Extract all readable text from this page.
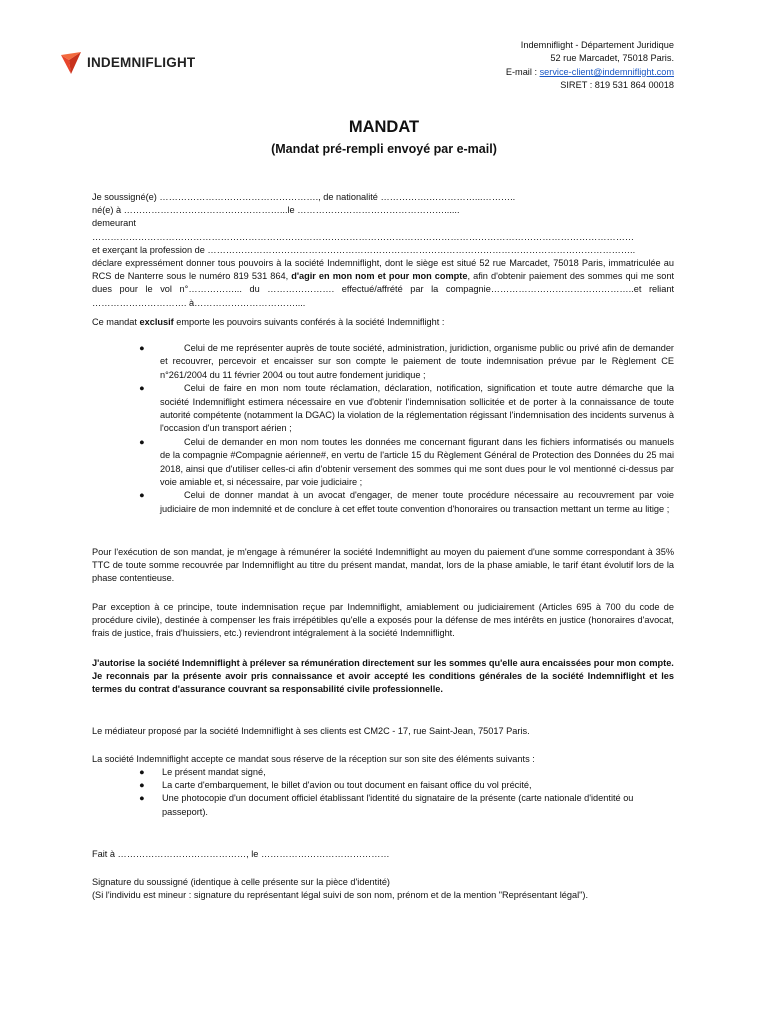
INDEMNIFLIGHT
Indemniflight - Département Juridique
52 rue Marcadet, 75018 Paris.
E-mail : service-client@indemniflight.com
SIRET : 819 531 864 00018
MANDAT
(Mandat pré-rempli envoyé par e-mail)

Je soussigné(e) ……………………………………………., de nationalité …………….……………...………..

né(e) à ……………………………………………...le …………………………………………......

demeurant ……………………………………………………………………………………………………………………………………………………………

et exerçant la profession de …………………………………………………………………………………………………………………………..

déclare expressément donner tous pouvoirs à la société Indemniflight, dont le siège est situé 52 rue Marcadet, 75018 Paris, immatriculée au RCS de Nanterre sous le numéro 819 531 864, d'agir en mon nom et pour mon compte, afin d'obtenir paiement des sommes qui me sont dues pour le vol n°……………... du …………………. effectué/affrété par la compagnie………………………………………..et reliant …………………………. à……………………………....

Ce mandat exclusif emporte les pouvoirs suivants conférés à la société Indemniflight :

●	Celui de me représenter auprès de toute société, administration, juridiction, organisme public ou privé afin de demander et recouvrer, percevoir et encaisser sur son compte le paiement de toute indemnisation prévue par le Règlement CE n°261/2004 du 11 février 2004 ou tout autre fondement juridique ;
●	Celui de faire en mon nom toute réclamation, déclaration, notification, signification et toute autre démarche que la société Indemniflight estimera nécessaire en vue d'obtenir l'indemnisation sollicitée et de porter à la connaissance de toute autorité compétente (notamment la DGAC) la violation de la réglementation régissant l'indemnisation des incidents survenus à l'occasion d'un transport aérien ;
●	Celui de demander en mon nom toutes les données me concernant figurant dans les fichiers informatisés ou manuels de la compagnie #Compagnie aérienne#, en vertu de l'article 15 du Règlement Général de Protection des Données du 25 mai 2018, ainsi que d'utiliser celles-ci afin d'obtenir versement des sommes qui me sont dues pour le vol mentionné ci-dessus par voie amiable et, si nécessaire, par voie judiciaire ;
●	Celui de donner mandat à un avocat d'engager, de mener toute procédure nécessaire au recouvrement par voie judiciaire de mon indemnité et de conclure à cet effet toute convention d'honoraires ou transaction mettant un terme au litige ;
Pour l'exécution de son mandat, je m'engage à rémunérer la société Indemniflight au moyen du paiement d'une somme correspondant à 35% TTC de toute somme recouvrée par Indemniflight au titre du présent mandat, mandat, lors de la phase amiable, le tarif étant évolutif lors de la phase contentieuse.
Par exception à ce principe, toute indemnisation reçue par Indemniflight, amiablement ou judiciairement (Articles 695 à 700 du code de procédure civile), destinée à compenser les frais irrépétibles qu'elle a exposés pour la défense de mes intérêts en justice (honoraires d'avocat, frais de justice, frais d'huissiers, etc.) reviendront intégralement à la société Indemniflight.

J'autorise la société Indemniflight à prélever sa rémunération directement sur les sommes qu'elle aura encaissées pour mon compte.

Je reconnais par la présente avoir pris connaissance et avoir accepté les conditions générales de la société Indemniflight et les termes du contrat d'assurance couvrant sa responsabilité civile professionnelle.

Le médiateur proposé par la société Indemniflight à ses clients est CM2C - 17, rue Saint-Jean, 75017 Paris.
La société Indemniflight accepte ce mandat sous réserve de la réception sur son site des éléments suivants :
● Le présent mandat signé,
● La carte d'embarquement, le billet d'avion ou tout document en faisant office du vol précité,
● Une photocopie d'un document officiel établissant l'identité du signataire de la présente (carte nationale d'identité ou passeport).
Fait à ……………………………………, le ……………………………………

Signature du soussigné (identique à celle présente sur la pièce d'identité)

(Si l'individu est mineur : signature du représentant légal suivi de son nom, prénom et de la mention "Représentant légal").
